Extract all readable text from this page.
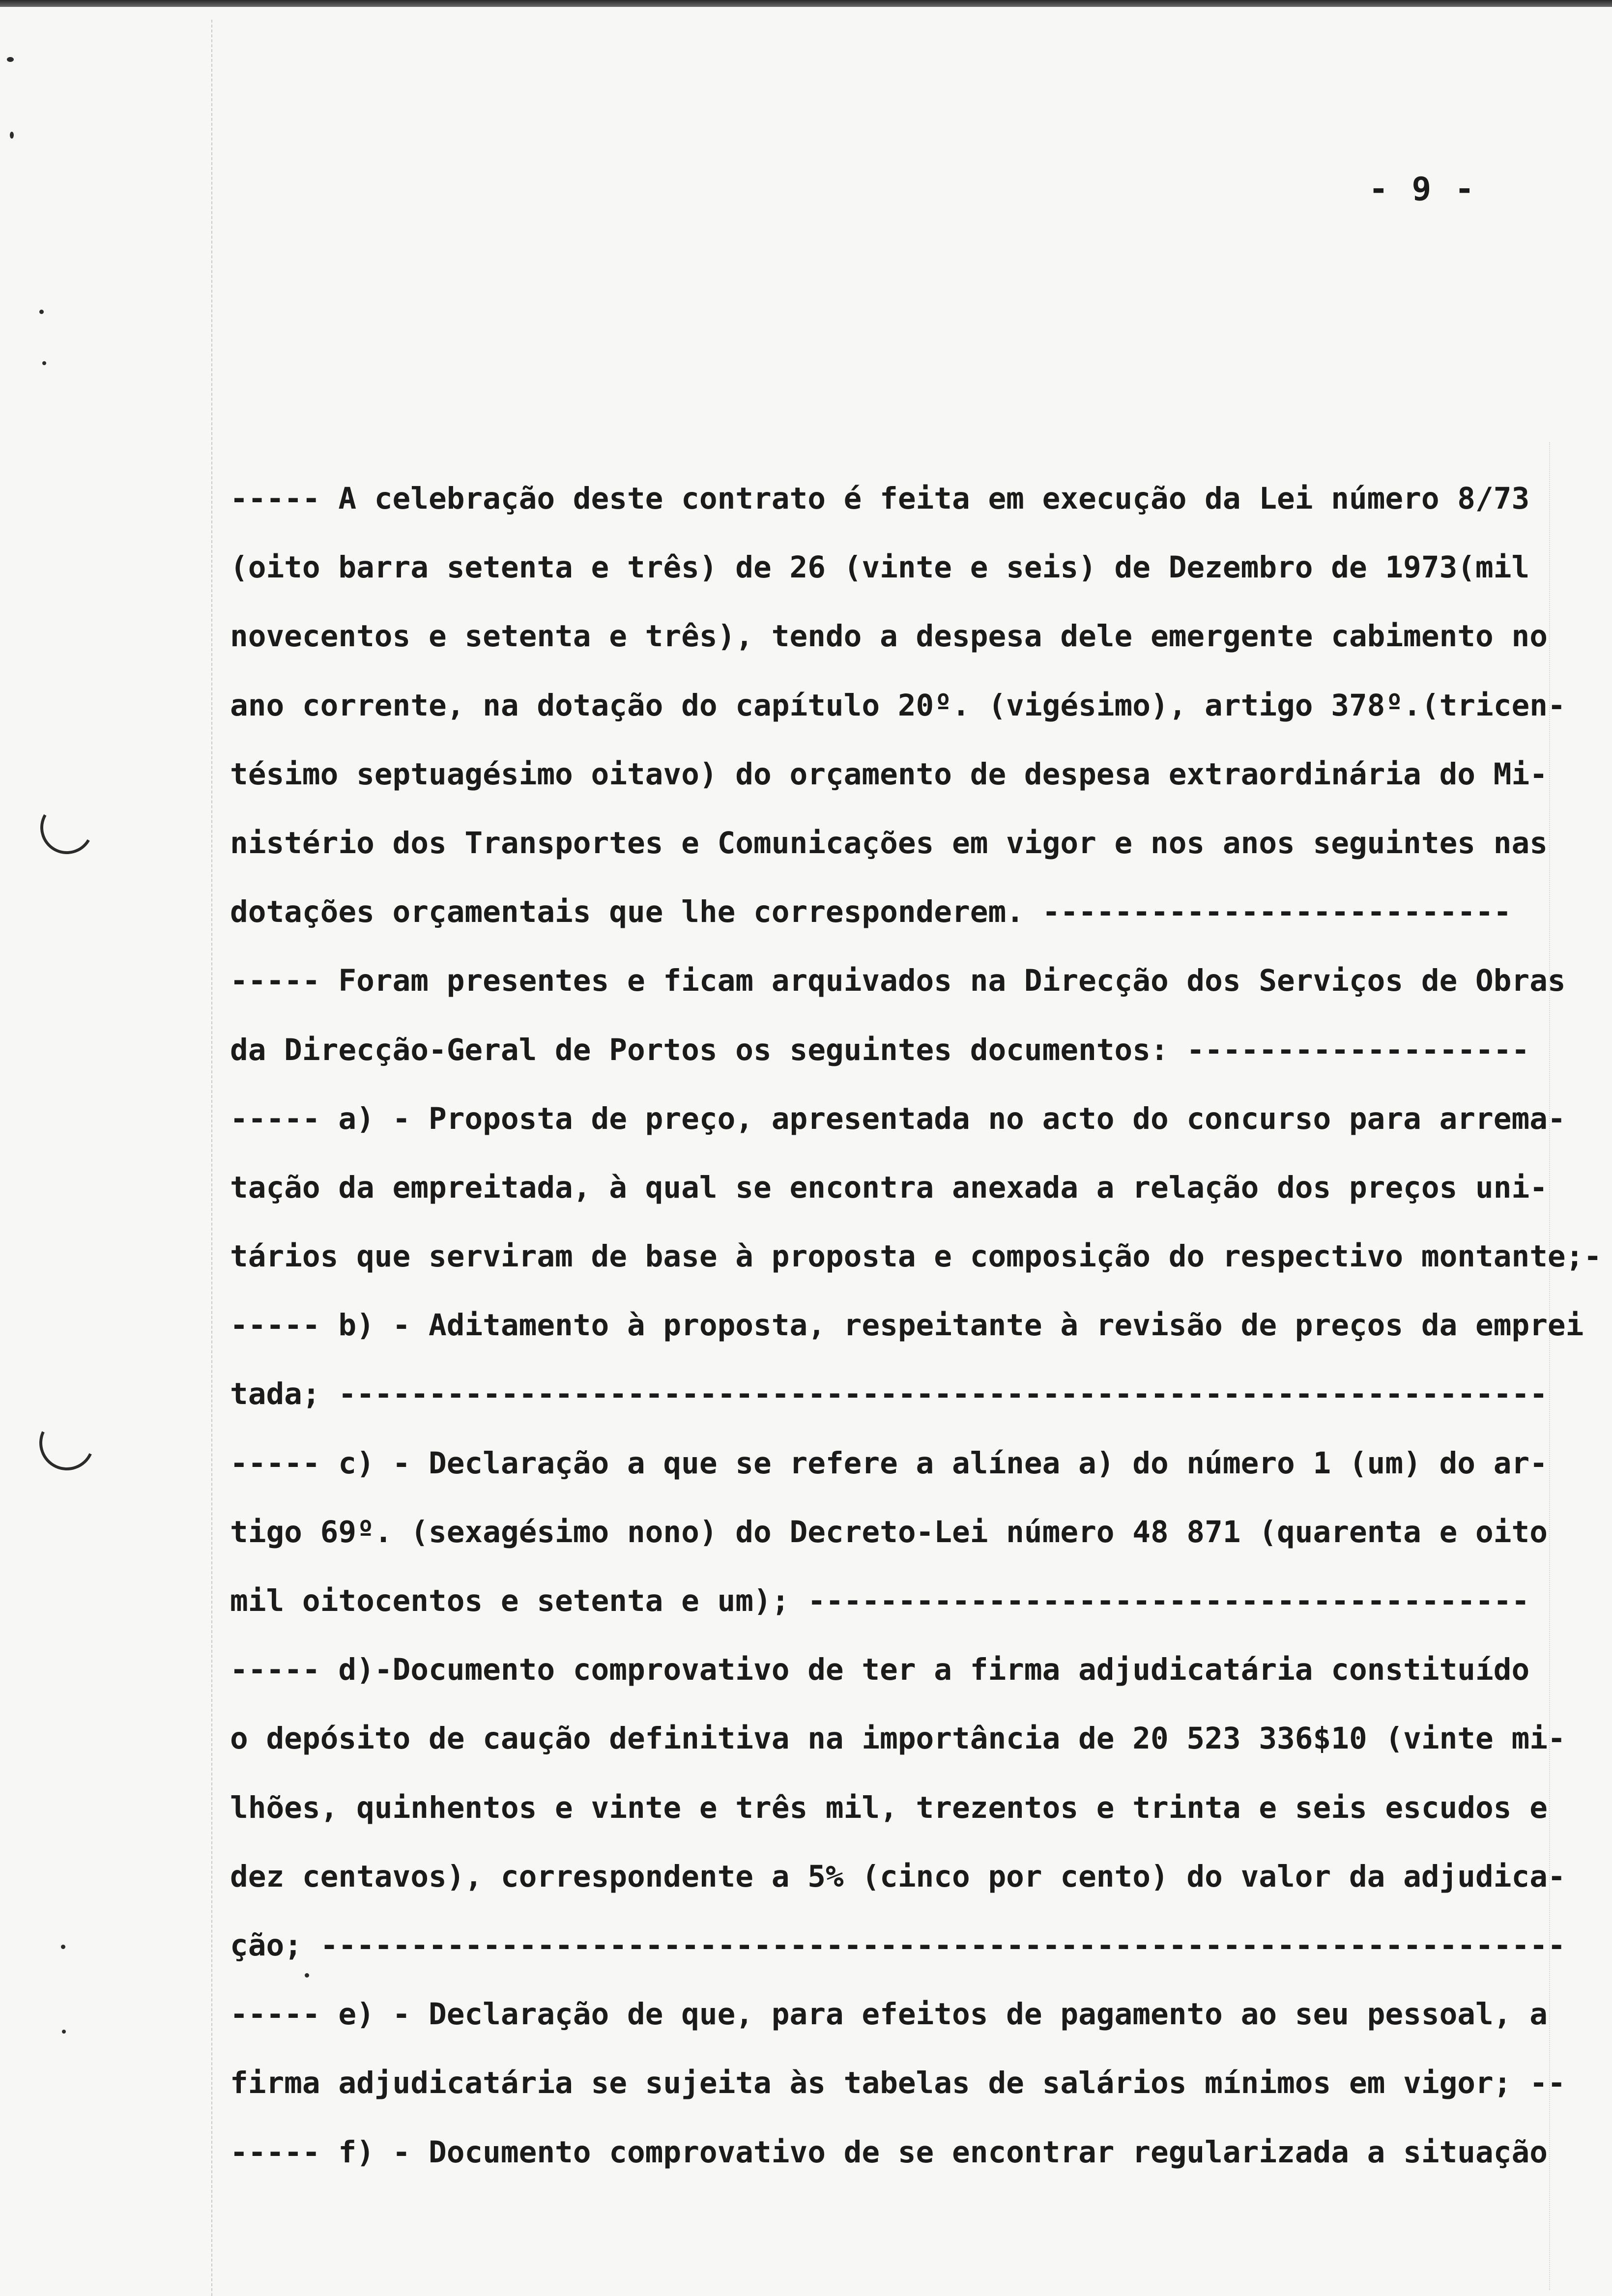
- 9 -
----- A celebração deste contrato é feita em execução da Lei número 8/73
(oito barra setenta e três) de 26 (vinte e seis) de Dezembro de 1973(mil
novecentos e setenta e três), tendo a despesa dele emergente cabimento no
ano corrente, na dotação do capítulo 20º. (vigésimo), artigo 378º.(tricen-
tésimo septuagésimo oitavo) do orçamento de despesa extraordinária do Mi-
nistério dos Transportes e Comunicações em vigor e nos anos seguintes nas
dotações orçamentais que lhe corresponderem. --------------------------
----- Foram presentes e ficam arquivados na Direcção dos Serviços de Obras
da Direcção-Geral de Portos os seguintes documentos: -------------------
----- a) - Proposta de preço, apresentada no acto do concurso para arrema-
tação da empreitada, à qual se encontra anexada a relação dos preços uni-
tários que serviram de base à proposta e composição do respectivo montante;-
----- b) - Aditamento à proposta, respeitante à revisão de preços da emprei
tada; -------------------------------------------------------------------
----- c) - Declaração a que se refere a alínea a) do número 1 (um) do ar-
tigo 69º. (sexagésimo nono) do Decreto-Lei número 48 871 (quarenta e oito
mil oitocentos e setenta e um); ----------------------------------------
----- d)-Documento comprovativo de ter a firma adjudicatária constituído
o depósito de caução definitiva na importância de 20 523 336$10 (vinte mi-
lhões, quinhentos e vinte e três mil, trezentos e trinta e seis escudos e
dez centavos), correspondente a 5% (cinco por cento) do valor da adjudica-
ção; ---------------------------------------------------------------------
----- e) - Declaração de que, para efeitos de pagamento ao seu pessoal, a
firma adjudicatária se sujeita às tabelas de salários mínimos em vigor; --
----- f) - Documento comprovativo de se encontrar regularizada a situação
